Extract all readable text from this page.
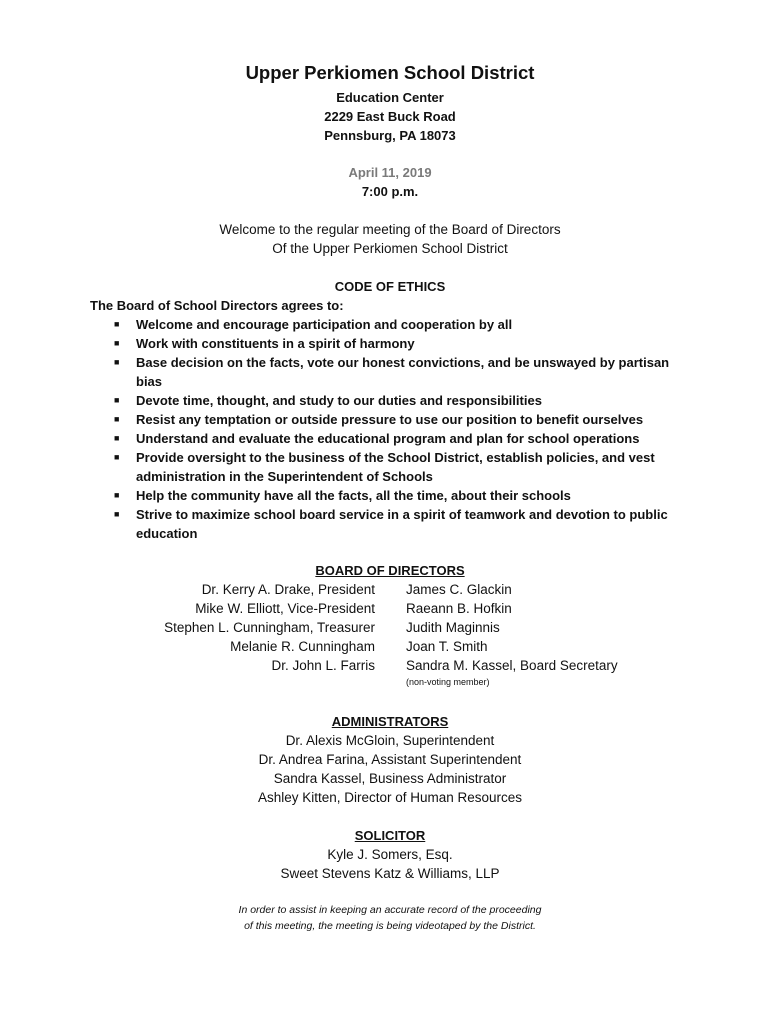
Upper Perkiomen School District
Education Center
2229 East Buck Road
Pennsburg, PA 18073
April 11, 2019
7:00 p.m.
Welcome to the regular meeting of the Board of Directors
Of the Upper Perkiomen School District
CODE OF ETHICS
The Board of School Directors agrees to:
■ Welcome and encourage participation and cooperation by all
■ Work with constituents in a spirit of harmony
■ Base decision on the facts, vote our honest convictions, and be unswayed by partisan bias
■ Devote time, thought, and study to our duties and responsibilities
■ Resist any temptation or outside pressure to use our position to benefit ourselves
■ Understand and evaluate the educational program and plan for school operations
■ Provide oversight to the business of the School District, establish policies, and vest administration in the Superintendent of Schools
■ Help the community have all the facts, all the time, about their schools
■ Strive to maximize school board service in a spirit of teamwork and devotion to public education
BOARD OF DIRECTORS
Dr. Kerry A. Drake, President
Mike W. Elliott, Vice-President
Stephen L. Cunningham, Treasurer
Melanie R. Cunningham
Dr. John L. Farris
James C. Glackin
Raeann B. Hofkin
Judith Maginnis
Joan T. Smith
Sandra M. Kassel, Board Secretary
(non-voting member)
ADMINISTRATORS
Dr. Alexis McGloin, Superintendent
Dr. Andrea Farina, Assistant Superintendent
Sandra Kassel, Business Administrator
Ashley Kitten, Director of Human Resources
SOLICITOR
Kyle J. Somers, Esq.
Sweet Stevens Katz & Williams, LLP
In order to assist in keeping an accurate record of the proceeding
of this meeting, the meeting is being videotaped by the District.
